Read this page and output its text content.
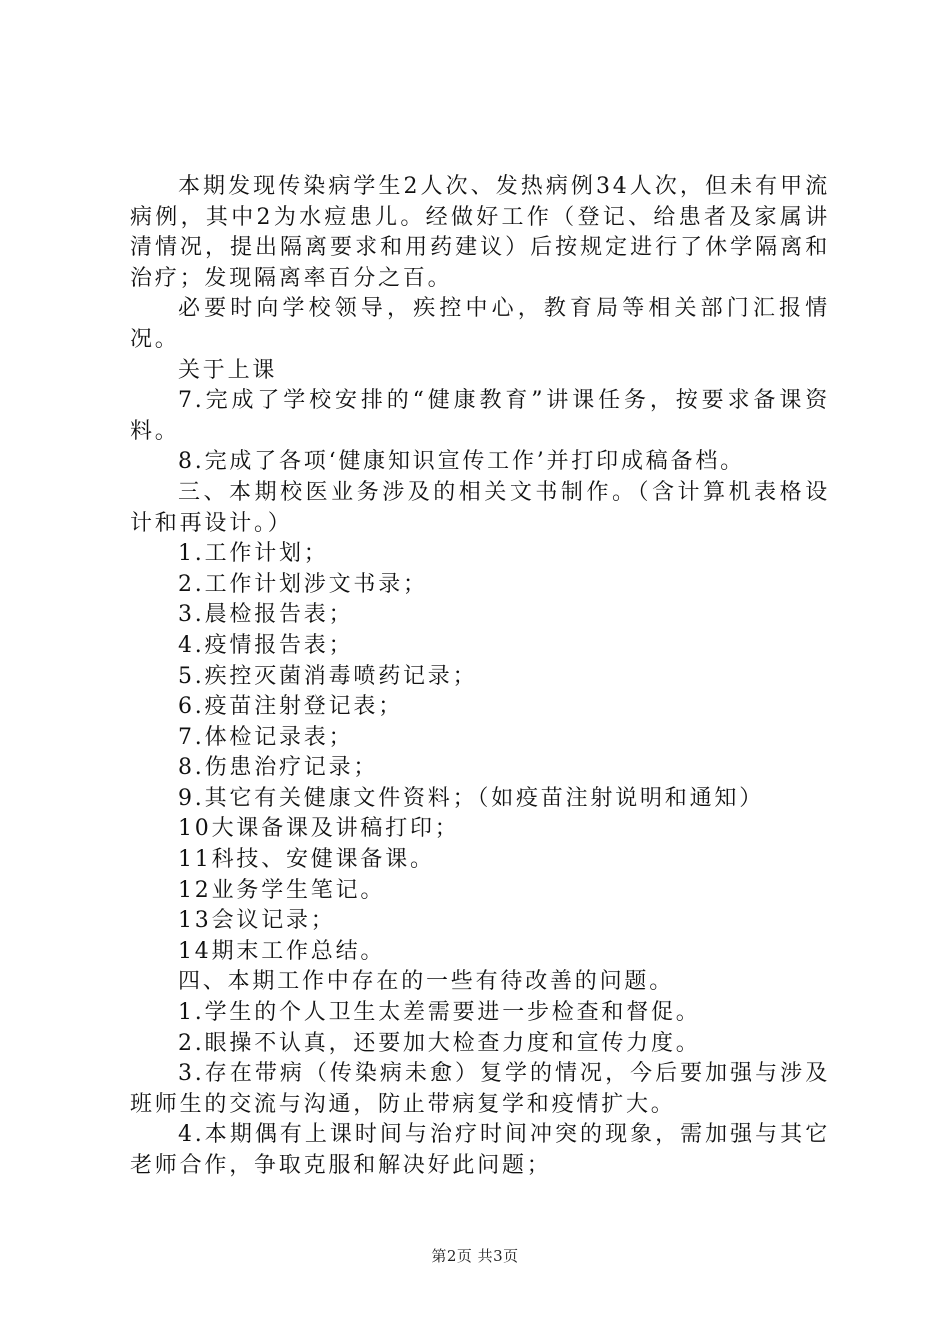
本期发现传染病学生2人次、发热病例34人次，但未有甲流病例，其中2为水痘患儿。经做好工作（登记、给患者及家属讲清情况，提出隔离要求和用药建议）后按规定进行了休学隔离和治疗；发现隔离率百分之百。

必要时向学校领导，疾控中心，教育局等相关部门汇报情况。

关于上课

7.完成了学校安排的“健康教育”讲课任务，按要求备课资料。

8.完成了各项‘健康知识宣传工作’并打印成稿备档。

三、本期校医业务涉及的相关文书制作。（含计算机表格设计和再设计。）

1.工作计划；

2.工作计划涉文书录；

3.晨检报告表；

4.疫情报告表；

5.疾控灭菌消毒喷药记录；

6.疫苗注射登记表；

7.体检记录表；

8.伤患治疗记录；

9.其它有关健康文件资料；（如疫苗注射说明和通知）

10大课备课及讲稿打印；

11科技、安健课备课。

12业务学生笔记。

13会议记录；

14期末工作总结。

四、本期工作中存在的一些有待改善的问题。

1.学生的个人卫生太差需要进一步检查和督促。

2.眼操不认真，还要加大检查力度和宣传力度。

3.存在带病（传染病未愈）复学的情况，今后要加强与涉及班师生的交流与沟通，防止带病复学和疫情扩大。

4.本期偶有上课时间与治疗时间冲突的现象，需加强与其它老师合作，争取克服和解决好此问题；

第2页 共3页
